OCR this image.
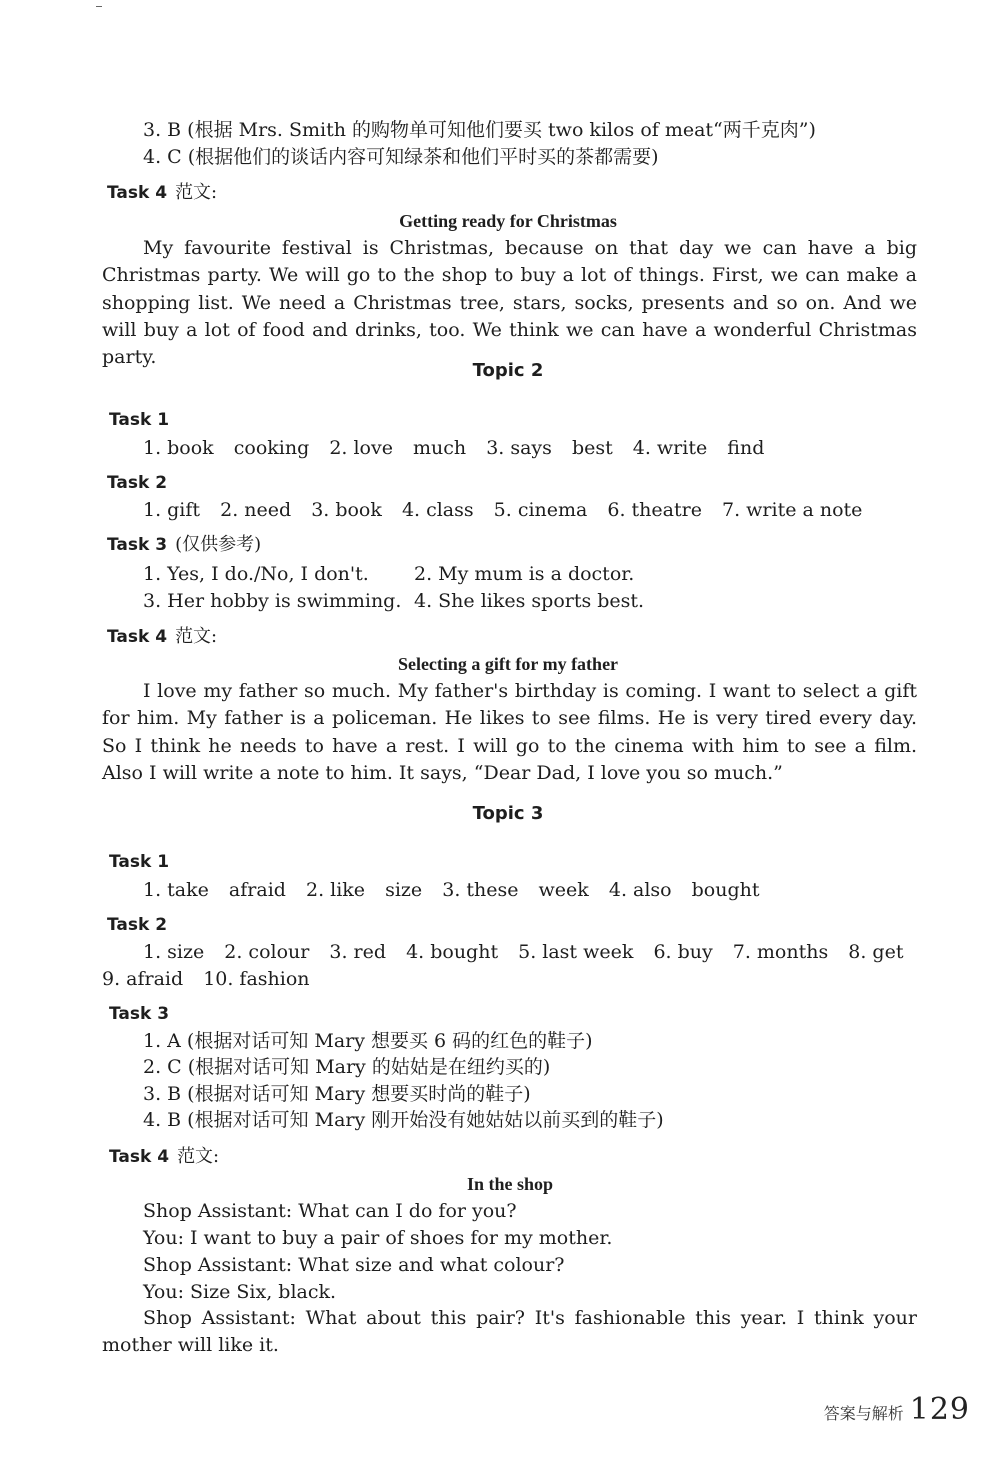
3. B (根据 Mrs. Smith 的购物单可知他们要买 two kilos of meat“两千克肉”)
4. C (根据他们的谈话内容可知绿茶和他们平时买的茶都需要)
Task 4 范文:
Getting ready for Christmas
My favourite festival is Christmas, because on that day we can have a big Christmas party. We will go to the shop to buy a lot of things. First, we can make a shopping list. We need a Christmas tree, stars, socks, presents and so on. And we will buy a lot of food and drinks, too. We think we can have a wonderful Christmas party.
Topic 2
Task 1
1. book cooking 2. love much 3. says best 4. write find
Task 2
1. gift 2. need 3. book 4. class 5. cinema 6. theatre 7. write a note
Task 3 (仅供参考)
1. Yes, I do./No, I don't. 2. My mum is a doctor.
3. Her hobby is swimming. 4. She likes sports best.
Task 4 范文:
Selecting a gift for my father
I love my father so much. My father's birthday is coming. I want to select a gift for him. My father is a policeman. He likes to see films. He is very tired every day. So I think he needs to have a rest. I will go to the cinema with him to see a film. Also I will write a note to him. It says, “Dear Dad, I love you so much.”
Topic 3
Task 1
1. take afraid 2. like size 3. these week 4. also bought
Task 2
1. size 2. colour 3. red 4. bought 5. last week 6. buy 7. months 8. get
9. afraid 10. fashion
Task 3
1. A (根据对话可知 Mary 想要买 6 码的红色的鞋子)
2. C (根据对话可知 Mary 的姑姑是在纽约买的)
3. B (根据对话可知 Mary 想要买时尚的鞋子)
4. B (根据对话可知 Mary 刚开始没有她姑姑以前买到的鞋子)
Task 4 范文:
In the shop
Shop Assistant: What can I do for you?
You: I want to buy a pair of shoes for my mother.
Shop Assistant: What size and what colour?
You: Size Six, black.
Shop Assistant: What about this pair? It's fashionable this year. I think your mother will like it.
答案与解析 129
